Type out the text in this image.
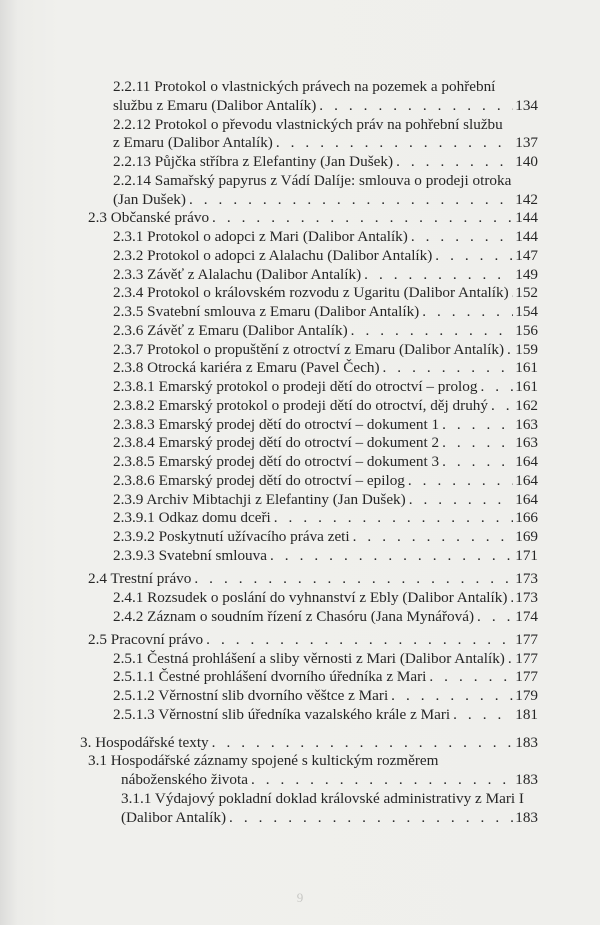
2.2.11 Protokol o vlastnických právech na pozemek a pohřební
službu z Emaru (Dalibor Antalík) . . .	134
2.2.12 Protokol o převodu vlastnických práv na pohřební službu
z Emaru (Dalibor Antalík) . . .	137
2.2.13 Půjčka stříbra z Elefantiny (Jan Dušek) . . .	140
2.2.14 Samařský papyrus z Vádí Dalíje: smlouva o prodeji otroka
(Jan Dušek) . . .	142
2.3 Občanské právo . . .	144
2.3.1 Protokol o adopci z Mari (Dalibor Antalík) . . .	144
2.3.2 Protokol o adopci z Alalachu (Dalibor Antalík) . . .	147
2.3.3 Závěť z Alalachu (Dalibor Antalík) . . .	149
2.3.4 Protokol o královském rozvodu z Ugaritu (Dalibor Antalík) . . . 152
2.3.5 Svatební smlouva z Emaru (Dalibor Antalík) . . .	154
2.3.6 Závěť z Emaru (Dalibor Antalík) . . .	156
2.3.7 Protokol o propuštění z otroctví z Emaru (Dalibor Antalík) . . . 159
2.3.8 Otrocká kariéra z Emaru (Pavel Čech) . . .	161
2.3.8.1 Emarský protokol o prodeji dětí do otroctví – prolog . . . 161
2.3.8.2 Emarský protokol o prodeji dětí do otroctví, děj druhý . . . 162
2.3.8.3 Emarský prodej dětí do otroctví – dokument 1 . . .	163
2.3.8.4 Emarský prodej dětí do otroctví – dokument 2 . . .	163
2.3.8.5 Emarský prodej dětí do otroctví – dokument 3 . . .	164
2.3.8.6 Emarský prodej dětí do otroctví – epilog . . .	164
2.3.9 Archiv Mibtachji z Elefantiny (Jan Dušek) . . .	164
2.3.9.1 Odkaz domu dceři . . .	166
2.3.9.2 Poskytnutí užívacího práva zeti . . .	169
2.3.9.3 Svatební smlouva . . .	171
2.4 Trestní právo . . .	173
2.4.1 Rozsudek o poslání do vyhnanství z Ebly (Dalibor Antalík) . . . 173
2.4.2 Záznam o soudním řízení z Chasóru (Jana Mynářová) . . .	174
2.5 Pracovní právo . . .	177
2.5.1 Čestná prohlášení a sliby věrnosti z Mari (Dalibor Antalík) . . . 177
2.5.1.1 Čestné prohlášení dvorního úředníka z Mari . . .	177
2.5.1.2 Věrnostní slib dvorního věštce z Mari . . .	179
2.5.1.3 Věrnostní slib úředníka vazalského krále z Mari . . .	181
3. Hospodářské texty . . .	183
3.1 Hospodářské záznamy spojené s kultickým rozměrem
náboženského života . . .	183
3.1.1 Výdajový pokladní doklad královské administrativy z Mari I
(Dalibor Antalík) . . .	183
9
